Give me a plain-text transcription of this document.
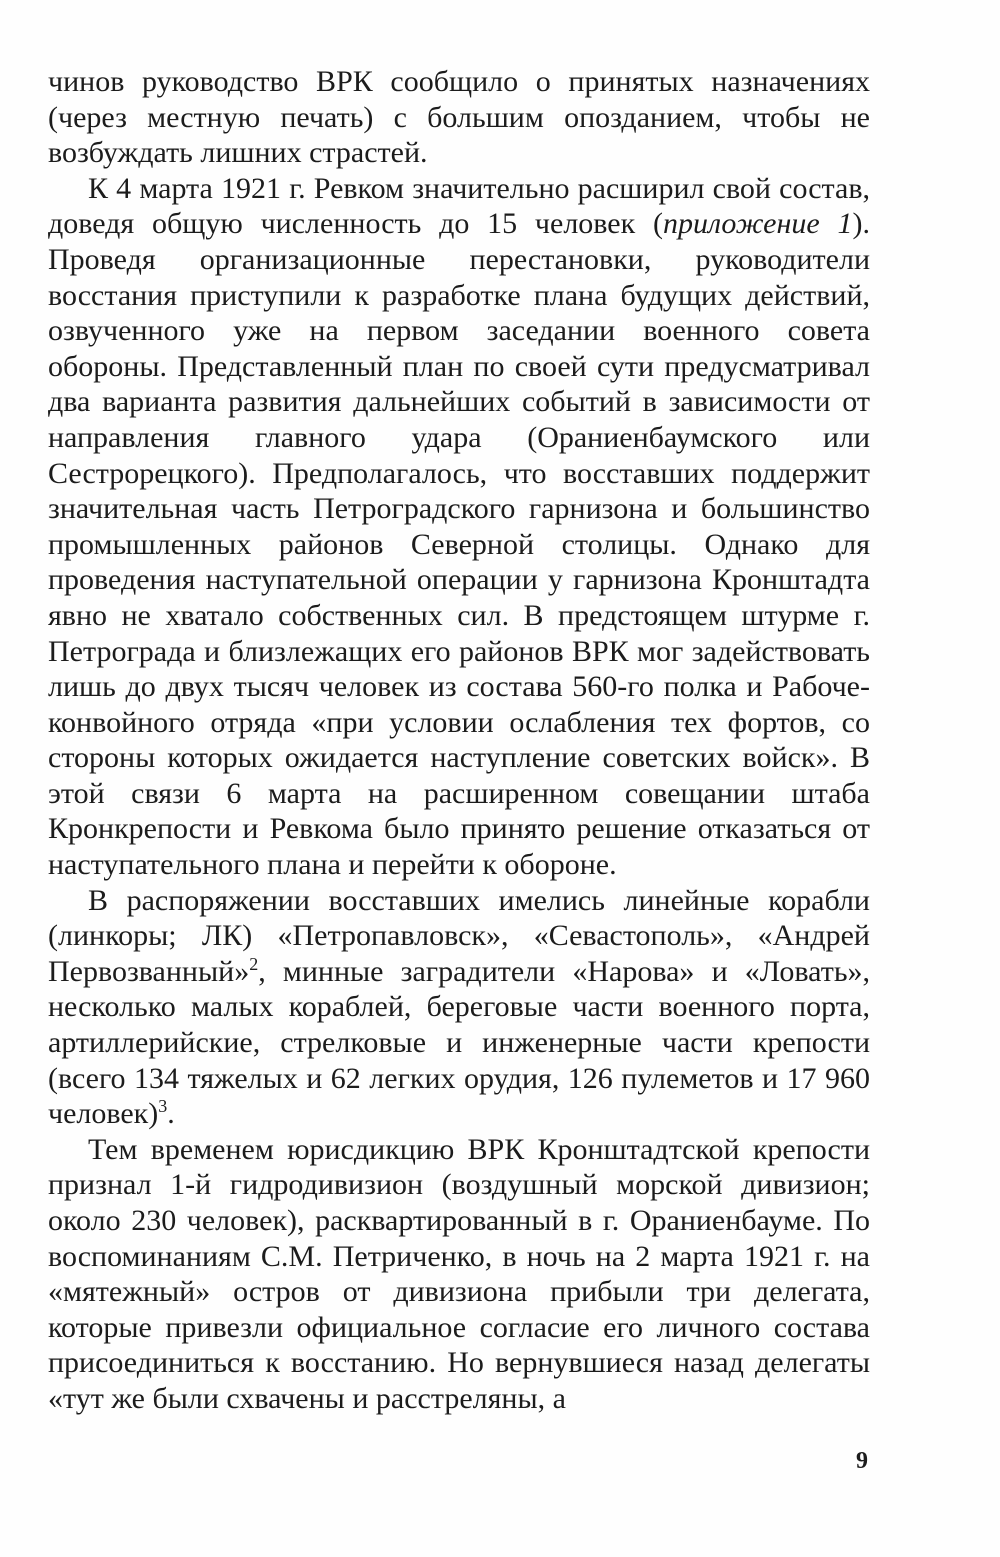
чинов руководство ВРК сообщило о принятых назначениях (через местную печать) с большим опозданием, чтобы не возбуждать лишних страстей.

К 4 марта 1921 г. Ревком значительно расширил свой состав, доведя общую численность до 15 человек (приложение 1). Проведя организационные перестановки, руководители восстания приступили к разработке плана будущих действий, озвученного уже на первом заседании военного совета обороны. Представленный план по своей сути предусматривал два варианта развития дальнейших событий в зависимости от направления главного удара (Ораниенбаумского или Сестрорецкого). Предполагалось, что восставших поддержит значительная часть Петроградского гарнизона и большинство промышленных районов Северной столицы. Однако для проведения наступательной операции у гарнизона Кронштадта явно не хватало собственных сил. В предстоящем штурме г. Петрограда и близлежащих его районов ВРК мог задействовать лишь до двух тысяч человек из состава 560-го полка и Рабоче-конвойного отряда «при условии ослабления тех фортов, со стороны которых ожидается наступление советских войск». В этой связи 6 марта на расширенном совещании штаба Кронкрепости и Ревкома было принято решение отказаться от наступательного плана и перейти к обороне.

В распоряжении восставших имелись линейные корабли (линкоры; ЛК) «Петропавловск», «Севастополь», «Андрей Первозванный»$^2$, минные заградители «Нарова» и «Ловать», несколько малых кораблей, береговые части военного порта, артиллерийские, стрелковые и инженерные части крепости (всего 134 тяжелых и 62 легких орудия, 126 пулеметов и 17 960 человек)$^3$.

Тем временем юрисдикцию ВРК Кронштадтской крепости признал 1-й гидродивизион (воздушный морской дивизион; около 230 человек), расквартированный в г. Ораниенбауме. По воспоминаниям С.М. Петриченко, в ночь на 2 марта 1921 г. на «мятежный» остров от дивизиона прибыли три делегата, которые привезли официальное согласие его личного состава присоединиться к восстанию. Но вернувшиеся назад делегаты «тут же были схвачены и расстреляны, а

9
